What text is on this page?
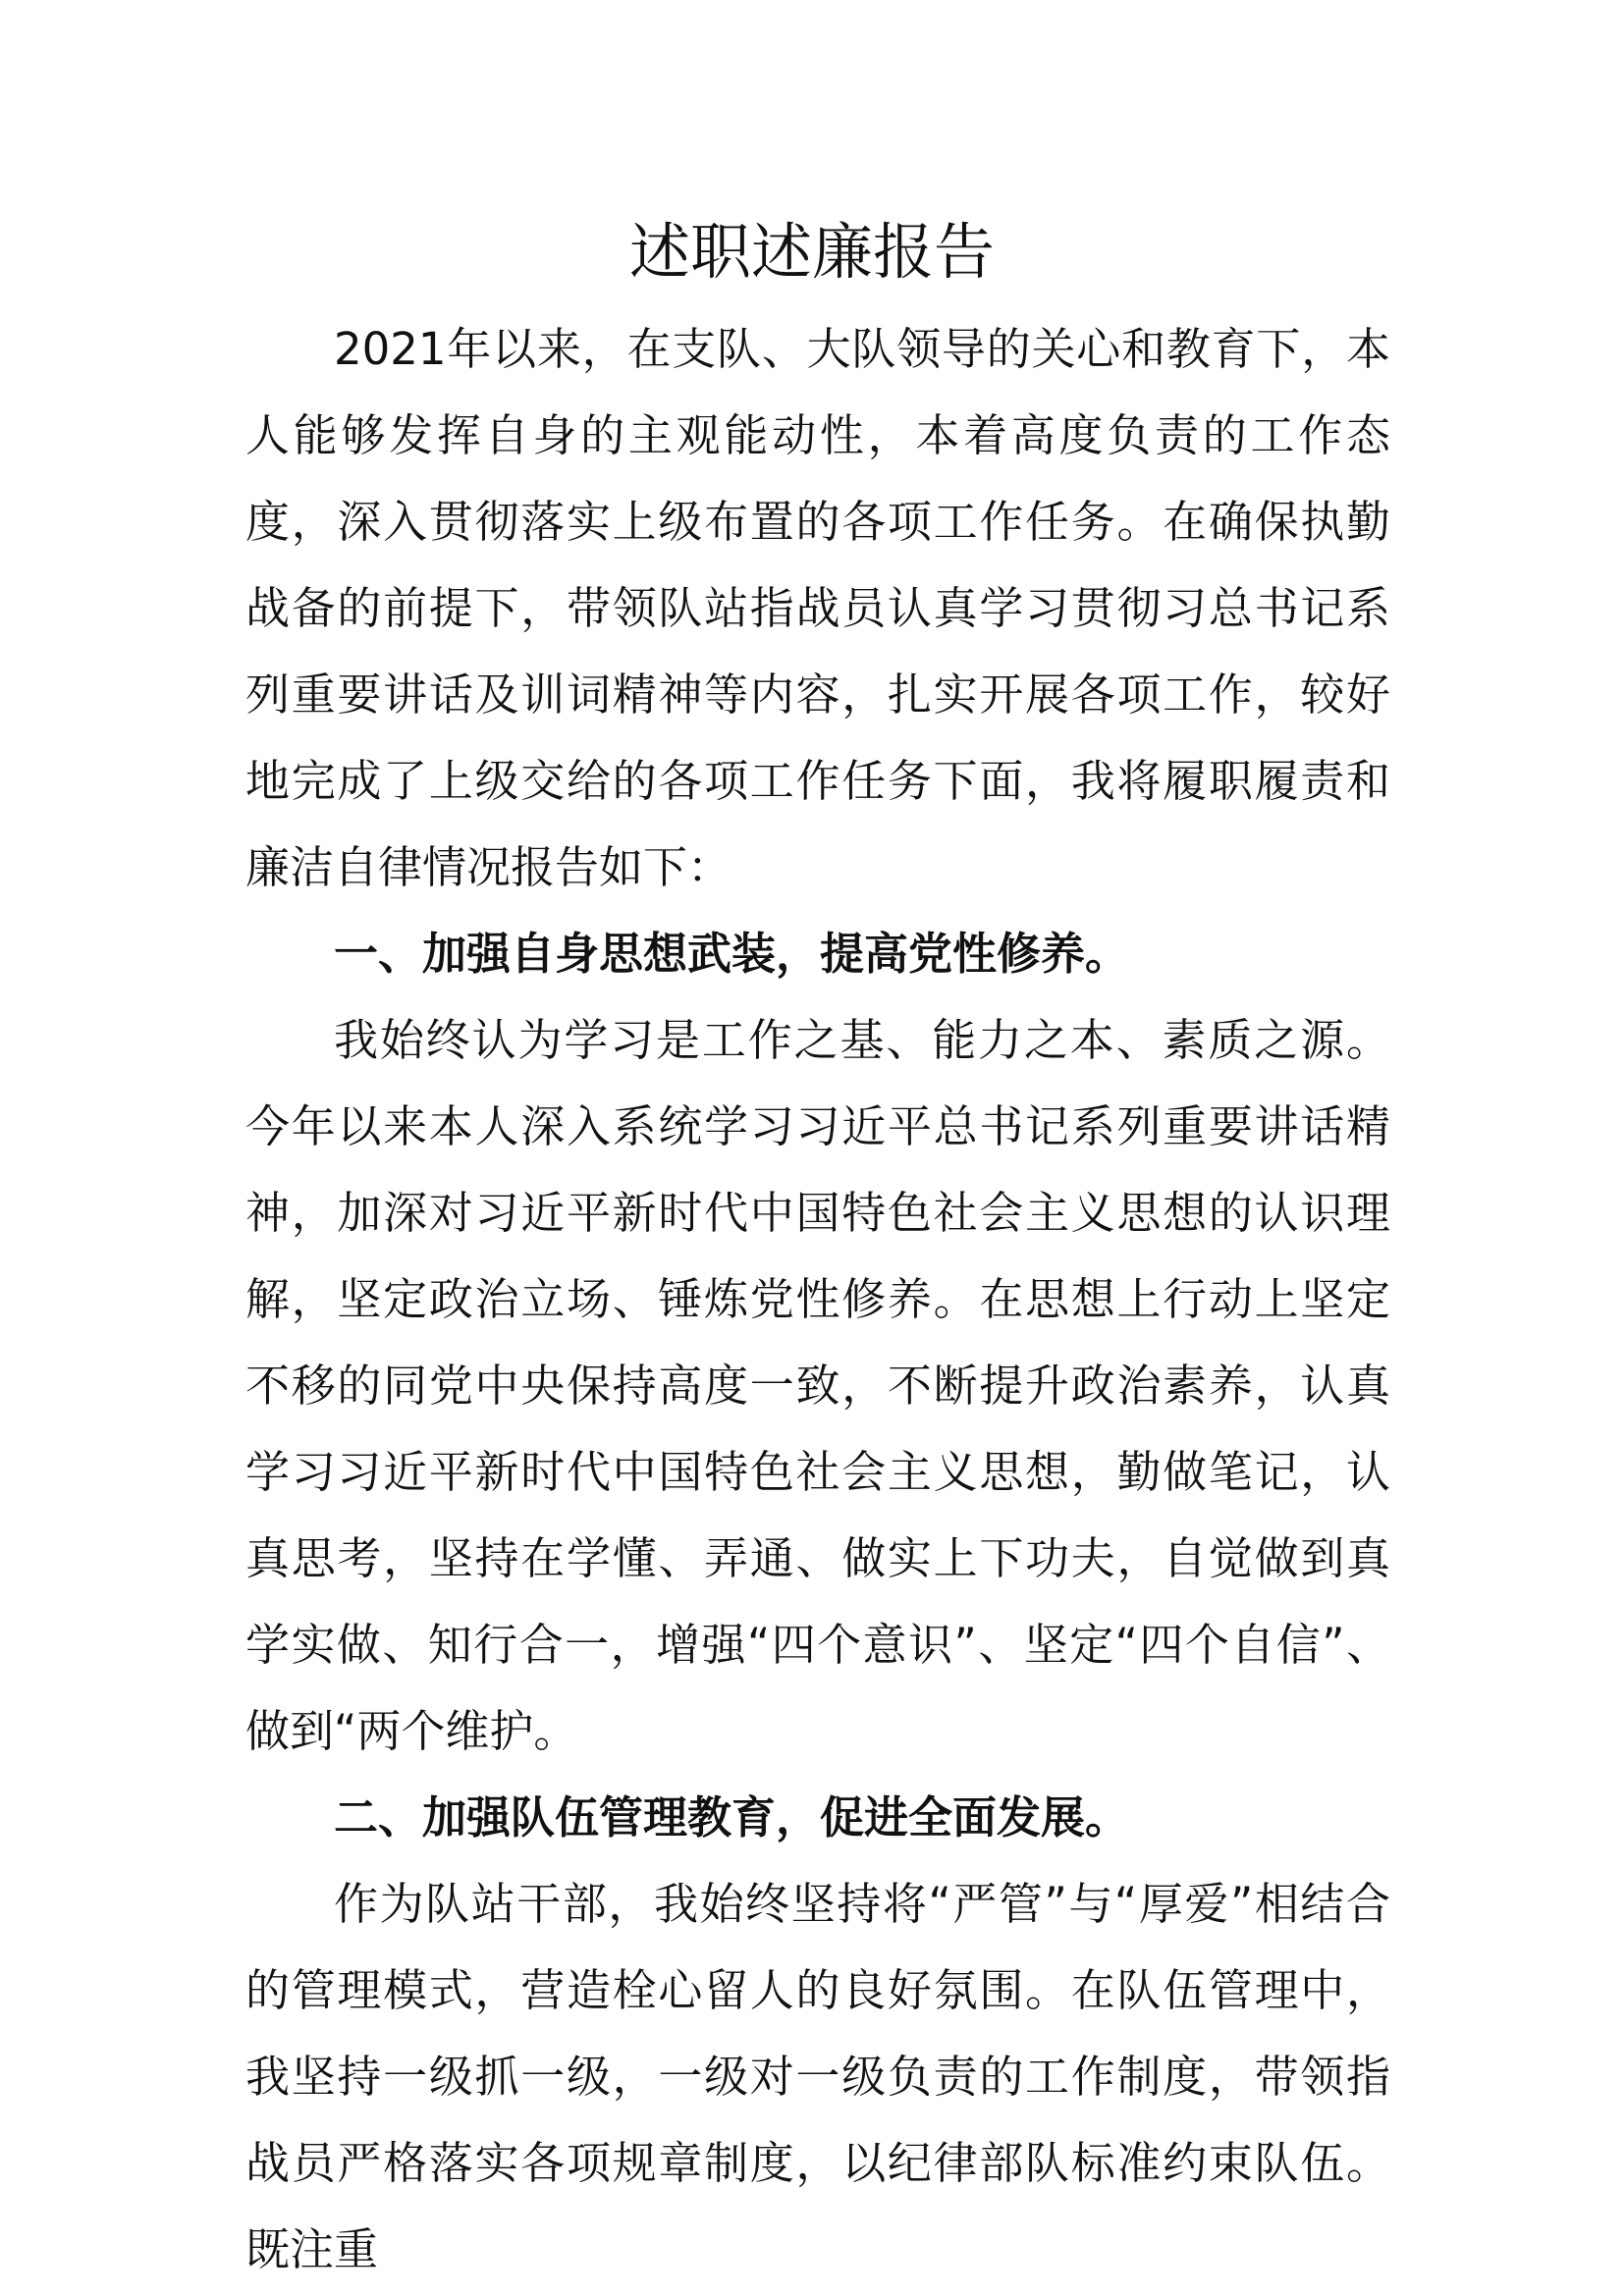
述职述廉报告

2021年以来，在支队、大队领导的关心和教育下，本人能够发挥自身的主观能动性，本着高度负责的工作态度，深入贯彻落实上级布置的各项工作任务。在确保执勤战备的前提下，带领队站指战员认真学习贯彻习总书记系列重要讲话及训词精神等内容，扎实开展各项工作，较好地完成了上级交给的各项工作任务下面，我将履职履责和廉洁自律情况报告如下：

一、加强自身思想武装，提高党性修养。

我始终认为学习是工作之基、能力之本、素质之源。今年以来本人深入系统学习习近平总书记系列重要讲话精神，加深对习近平新时代中国特色社会主义思想的认识理解，坚定政治立场、锤炼党性修养。在思想上行动上坚定不移的同党中央保持高度一致，不断提升政治素养，认真学习习近平新时代中国特色社会主义思想，勤做笔记，认真思考，坚持在学懂、弄通、做实上下功夫，自觉做到真学实做、知行合一，增强“四个意识”、坚定“四个自信”、做到“两个维护。

二、加强队伍管理教育，促进全面发展。

作为队站干部，我始终坚持将“严管”与“厚爱”相结合的管理模式，营造栓心留人的良好氛围。在队伍管理中，我坚持一级抓一级，一级对一级负责的工作制度，带领指战员严格落实各项规章制度，以纪律部队标准约束队伍。既注重
